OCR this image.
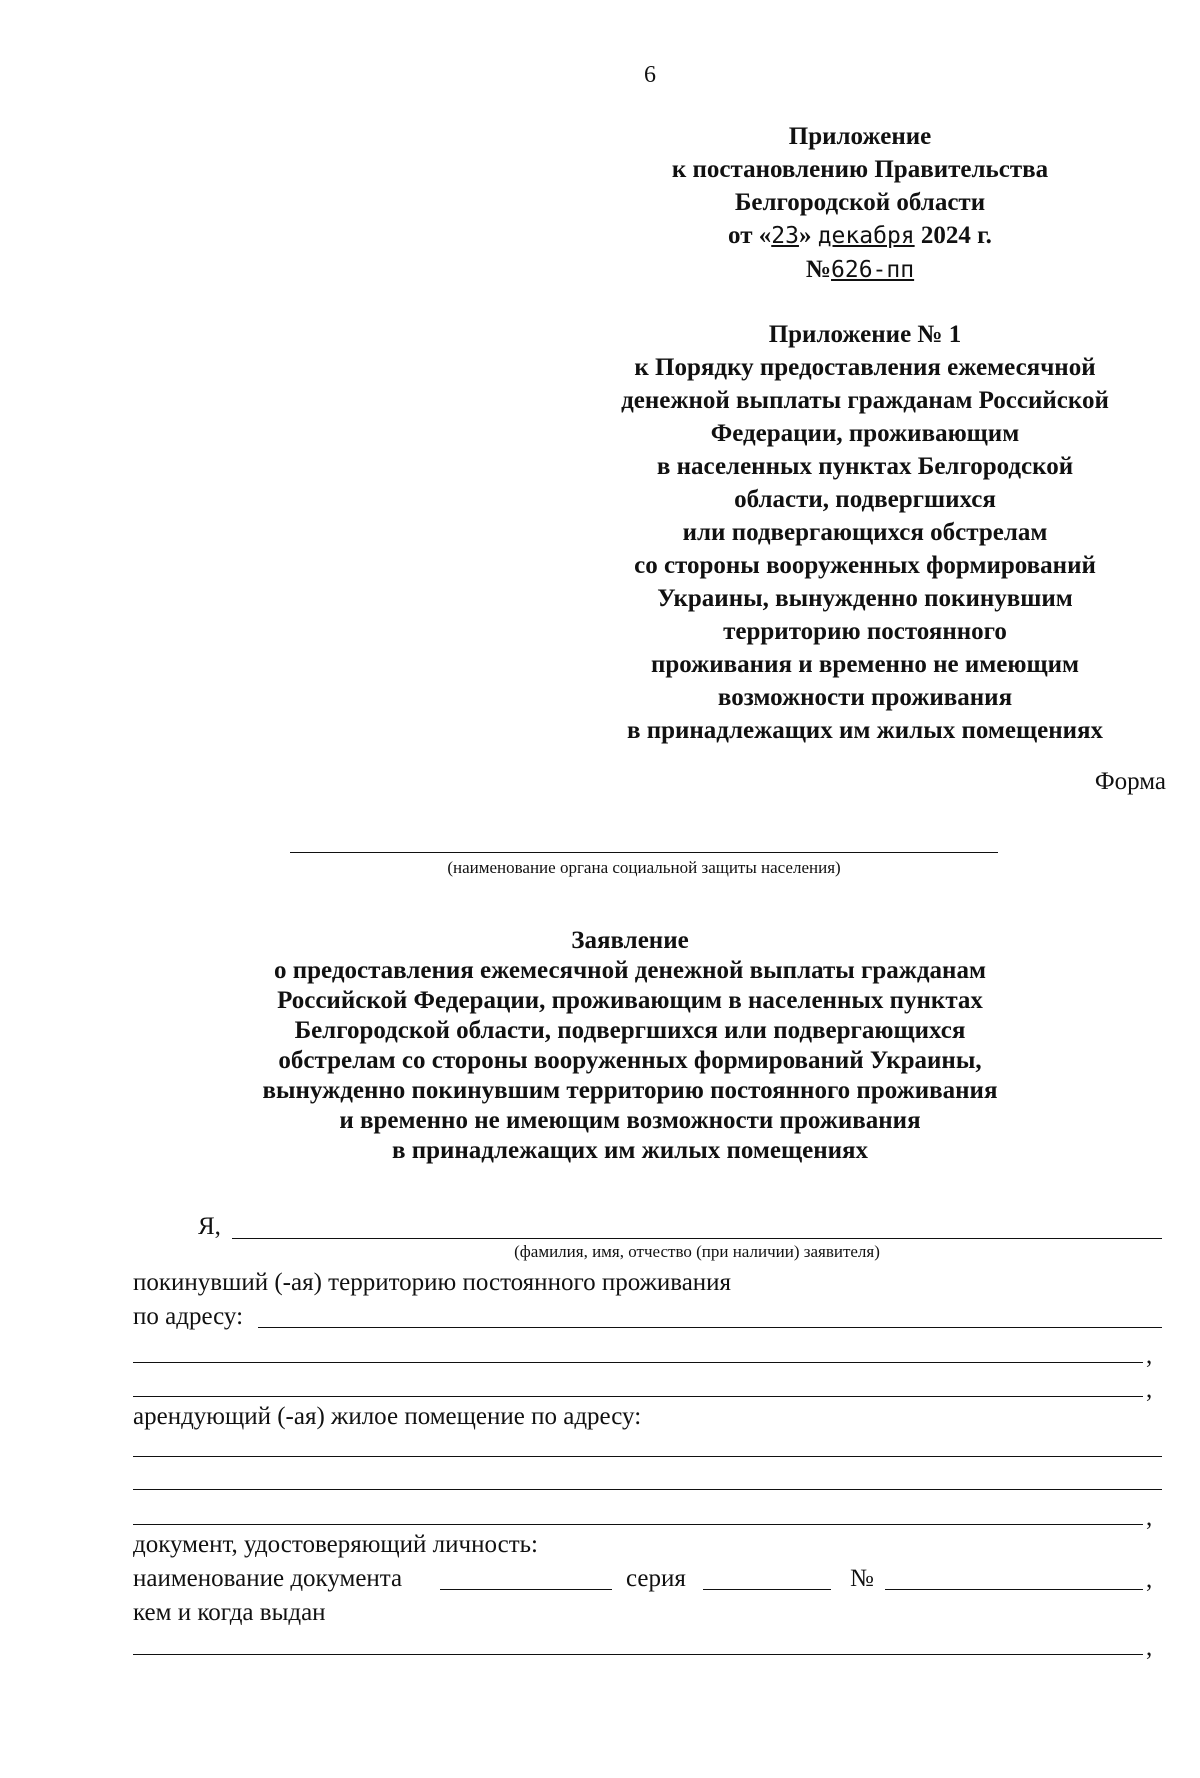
6
Приложение
к постановлению Правительства
Белгородской области
от «23» декабря 2024 г.
№626-пп
Приложение № 1
к Порядку предоставления ежемесячной
денежной выплаты гражданам Российской
Федерации, проживающим
в населенных пунктах Белгородской
области, подвергшихся
или подвергающихся обстрелам
со стороны вооруженных формирований
Украины, вынужденно покинувшим
территорию постоянного
проживания и временно не имеющим
возможности проживания
в принадлежащих им жилых помещениях
Форма
(наименование органа социальной защиты населения)
Заявление
о предоставления ежемесячной денежной выплаты гражданам
Российской Федерации, проживающим в населенных пунктах
Белгородской области, подвергшихся или подвергающихся
обстрелам со стороны вооруженных формирований Украины,
вынужденно покинувшим территорию постоянного проживания
и временно не имеющим возможности проживания
в принадлежащих им жилых помещениях
Я,
(фамилия, имя, отчество (при наличии) заявителя)
покинувший (-ая) территорию постоянного проживания
по адресу:
,
,
арендующий (-ая) жилое помещение по адресу:
,
документ, удостоверяющий личность:
наименование документа	серия	№	,
кем и когда выдан
,
